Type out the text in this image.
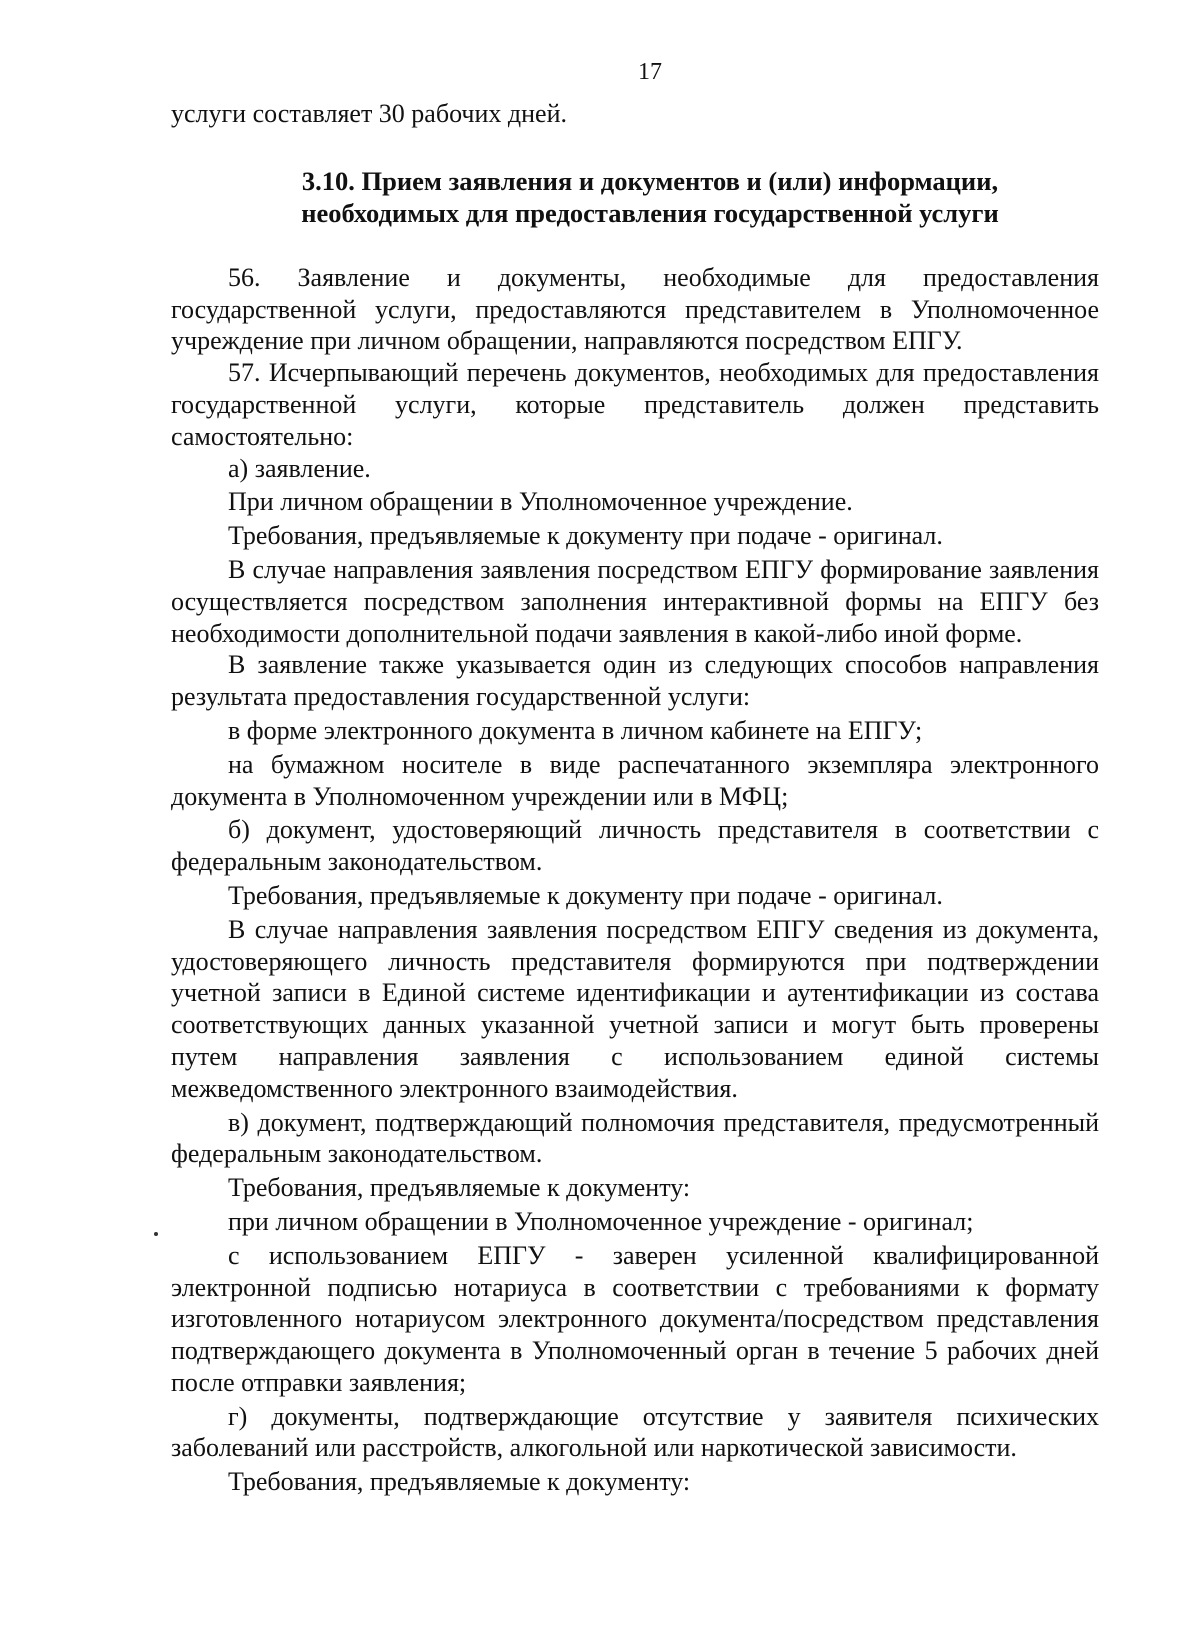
17

услуги составляет 30 рабочих дней.

3.10. Прием заявления и документов и (или) информации,
необходимых для предоставления государственной услуги

56. Заявление и документы, необходимые для предоставления государственной услуги, предоставляются представителем в Уполномоченное учреждение при личном обращении, направляются посредством ЕПГУ.

57. Исчерпывающий перечень документов, необходимых для предоставления государственной услуги, которые представитель должен представить самостоятельно:

а) заявление.

При личном обращении в Уполномоченное учреждение.

Требования, предъявляемые к документу при подаче - оригинал.

В случае направления заявления посредством ЕПГУ формирование заявления осуществляется посредством заполнения интерактивной формы на ЕПГУ без необходимости дополнительной подачи заявления в какой-либо иной форме.

В заявление также указывается один из следующих способов направления результата предоставления государственной услуги:

в форме электронного документа в личном кабинете на ЕПГУ;

на бумажном носителе в виде распечатанного экземпляра электронного документа в Уполномоченном учреждении или в МФЦ;

б) документ, удостоверяющий личность представителя в соответствии с федеральным законодательством.

Требования, предъявляемые к документу при подаче - оригинал.

В случае направления заявления посредством ЕПГУ сведения из документа, удостоверяющего личность представителя формируются при подтверждении учетной записи в Единой системе идентификации и аутентификации из состава соответствующих данных указанной учетной записи и могут быть проверены путем направления заявления с использованием единой системы межведомственного электронного взаимодействия.

в) документ, подтверждающий полномочия представителя, предусмотренный федеральным законодательством.

Требования, предъявляемые к документу:

при личном обращении в Уполномоченное учреждение - оригинал;

с использованием ЕПГУ - заверен усиленной квалифицированной электронной подписью нотариуса в соответствии с требованиями к формату изготовленного нотариусом электронного документа/посредством представления подтверждающего документа в Уполномоченный орган в течение 5 рабочих дней после отправки заявления;

г) документы, подтверждающие отсутствие у заявителя психических заболеваний или расстройств, алкогольной или наркотической зависимости.

Требования, предъявляемые к документу:
